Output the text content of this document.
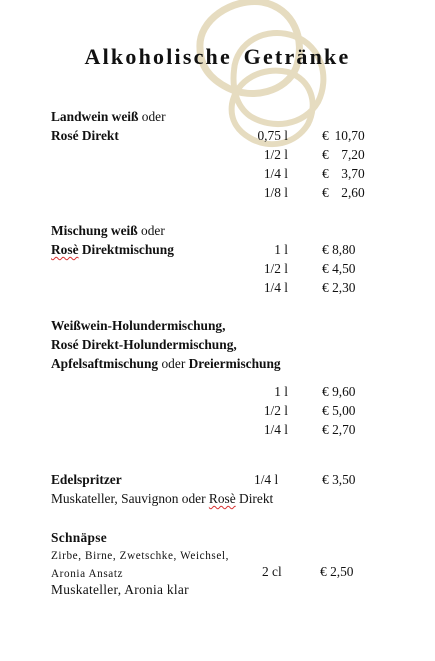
Alkoholische Getränke
Landwein weiß oder
Rosé Direkt	0,75 l	€ 10,70
1/2 l	€ 7,20
1/4 l	€ 3,70
1/8 l	€ 2,60
Mischung weiß oder
Rosè Direktmischung	1 l	€ 8,80
1/2 l	€ 4,50
1/4 l	€ 2,30
Weißwein-Holundermischung,
Rosé Direkt-Holundermischung,
Apfelsaftmischung oder Dreiermischung
1 l	€ 9,60
1/2 l	€ 5,00
1/4 l	€ 2,70
Edelspritzer	1/4 l	€ 3,50
Muskateller, Sauvignon oder Rosè Direkt
Schnäpse
Zirbe, Birne, Zwetschke, Weichsel,
Aronia Ansatz	2 cl	€ 2,50
Muskateller, Aronia klar
